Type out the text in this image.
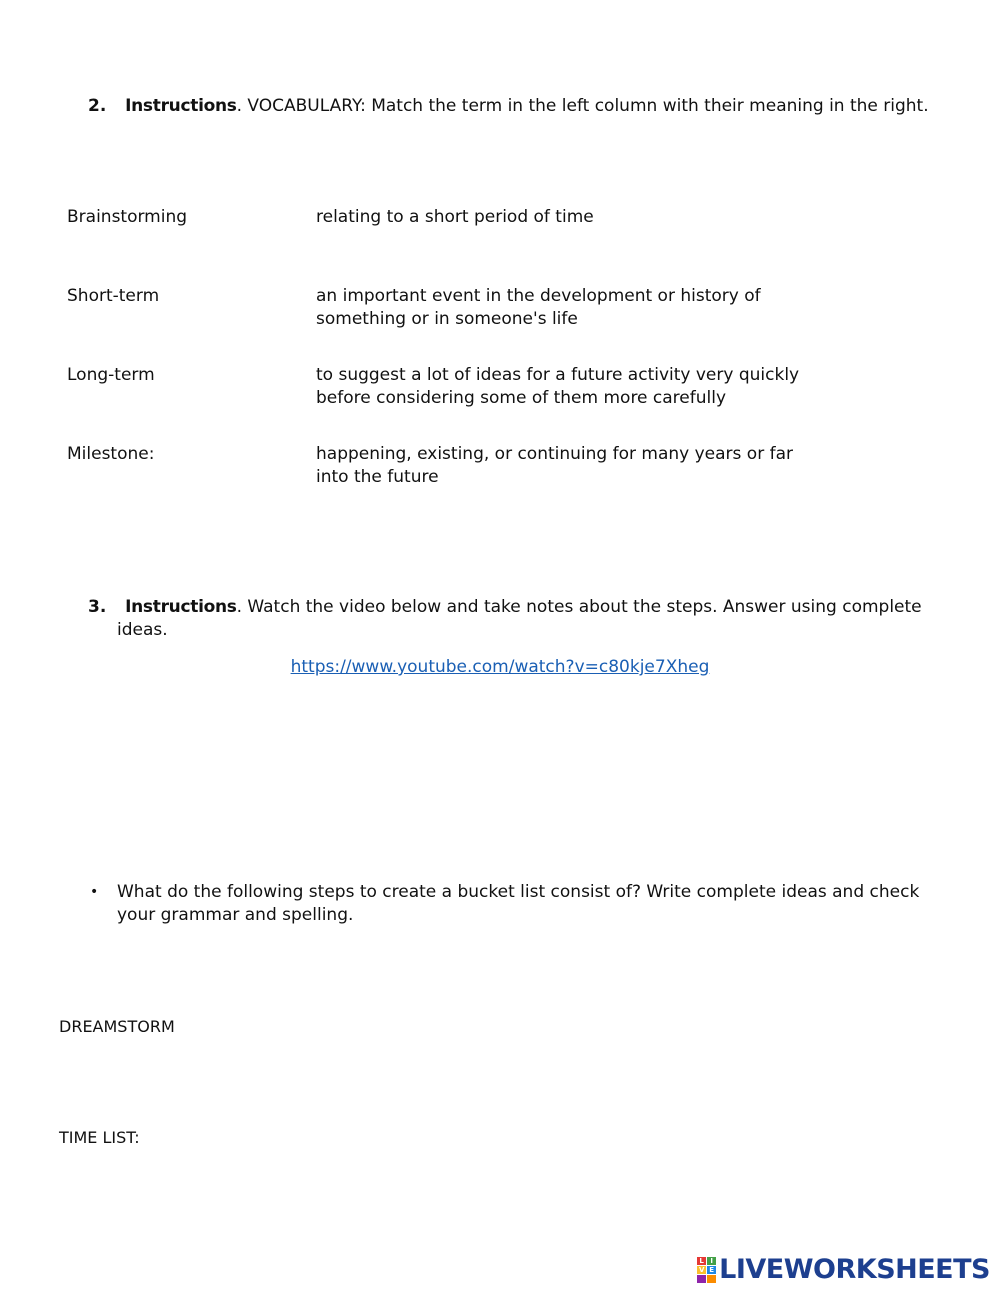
2. Instructions. VOCABULARY: Match the term in the left column with their meaning in the right.
Brainstorming
Short-term
Long-term
Milestone:
relating to a short period of time
an important event in the development or history of
something or in someone's life
to suggest a lot of ideas for a future activity very quickly
before considering some of them more carefully
happening, existing, or continuing for many years or far
into the future
3. Instructions. Watch the video below and take notes about the steps. Answer using complete
ideas.
https://www.youtube.com/watch?v=c80kje7Xheg
• What do the following steps to create a bucket list consist of? Write complete ideas and check
your grammar and spelling.
DREAMSTORM
TIME LIST:
L I
V E LIVEWORKSHEETS
